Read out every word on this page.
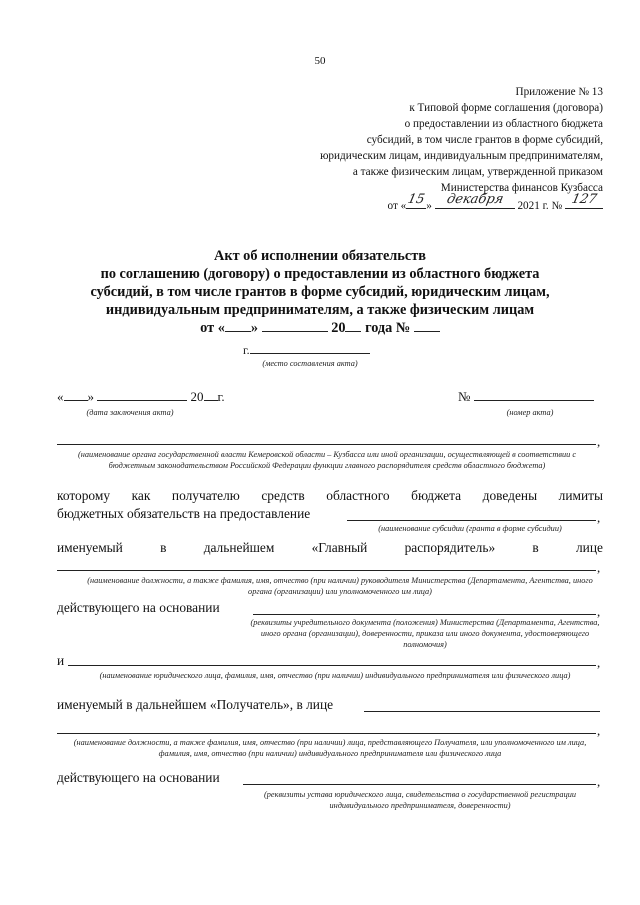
50
Приложение № 13
к Типовой форме соглашения (договора)
о предоставлении из областного бюджета
субсидий, в том числе грантов в форме субсидий,
юридическим лицам, индивидуальным предпринимателям,
а также физическим лицам, утвержденной приказом
Министерства финансов Кузбасса
от « 15 »	декабря	2021 г. № 127
Акт об исполнении обязательств
по соглашению (договору) о предоставлении из областного бюджета
субсидий, в том числе грантов в форме субсидий, юридическим лицам,
индивидуальным предпринимателям, а также физическим лицам
от « »	20 года №
г.
(место составления акта)
« »	20 г.
(дата заключения акта)
№
(номер акта)
,
(наименование органа государственной власти Кемеровской области – Кузбасса или иной организации, осуществляющей в соответствии с бюджетным законодательством Российской Федерации функции главного распорядителя средств областного бюджета)
которому как получателю средств областного бюджета доведены лимиты
бюджетных обязательств на предоставление	,
(наименование субсидии (гранта в форме субсидии)
именуемый	в	дальнейшем	«Главный	распорядитель»	в	лице
,
(наименование должности, а также фамилия, имя, отчество (при наличии) руководителя Министерства (Департамента, Агентства, иного органа (организации) или уполномоченного им лица)
действующего на основании	,
(реквизиты учредительного документа (положения) Министерства (Департамента, Агентства, иного органа (организации), доверенности, приказа или иного документа, удостоверяющего полномочия)
и	,
(наименование юридического лица, фамилия, имя, отчество (при наличии) индивидуального предпринимателя или физического лица)
именуемый в дальнейшем «Получатель», в лице
,
(наименование должности, а также фамилия, имя, отчество (при наличии) лица, представляющего Получателя, или уполномоченного им лица, фамилия, имя, отчество (при наличии) индивидуального предпринимателя или физического лица
действующего на основании	,
(реквизиты устава юридического лица, свидетельства о государственной регистрации индивидуального предпринимателя, доверенности)
